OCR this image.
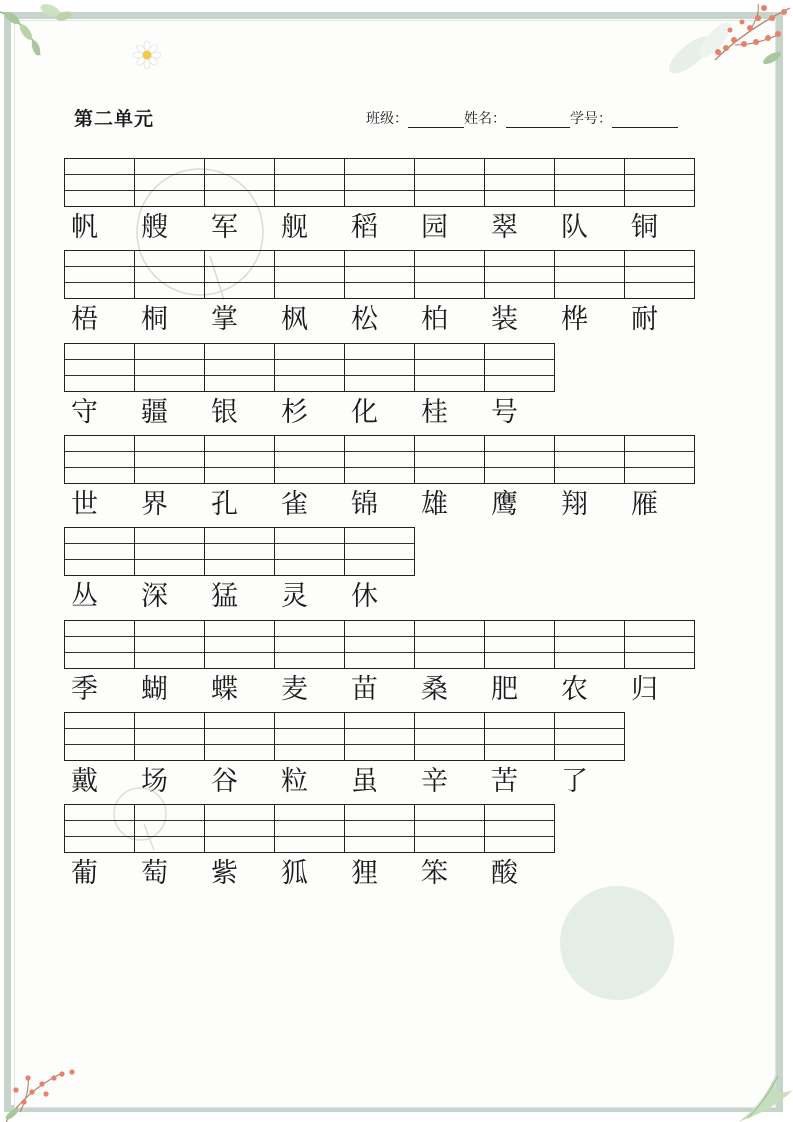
第二单元	班级：	姓名：	学号：
帆	艘	军	舰	稻	园	翠	队	铜
梧	桐	掌	枫	松	柏	装	桦	耐
守	疆	银	杉	化	桂	号
世	界	孔	雀	锦	雄	鹰	翔	雁
丛	深	猛	灵	休
季	蝴	蝶	麦	苗	桑	肥	农	归
戴	场	谷	粒	虽	辛	苦	了
葡	萄	紫	狐	狸	笨	酸
